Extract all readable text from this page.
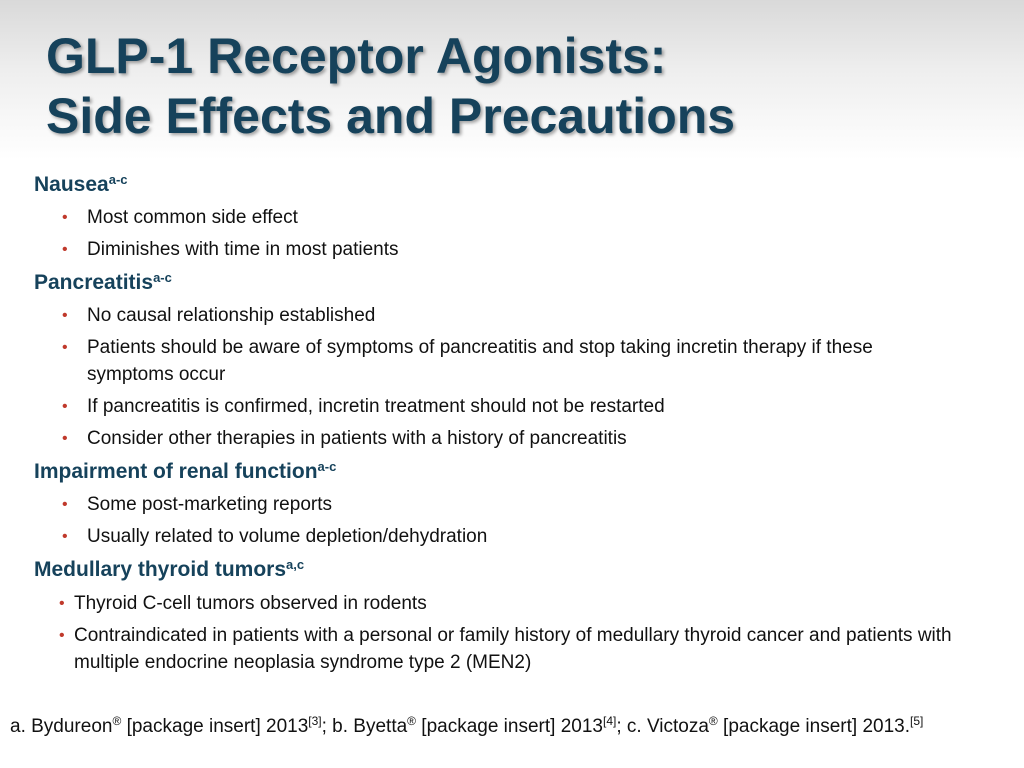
GLP-1 Receptor Agonists:
Side Effects and Precautions
Nausea$^{a-c}$
• Most common side effect
• Diminishes with time in most patients
Pancreatitis$^{a-c}$
• No causal relationship established
• Patients should be aware of symptoms of pancreatitis and stop taking incretin therapy if these symptoms occur
• If pancreatitis is confirmed, incretin treatment should not be restarted
• Consider other therapies in patients with a history of pancreatitis
Impairment of renal function$^{a-c}$
• Some post-marketing reports
• Usually related to volume depletion/dehydration
Medullary thyroid tumors$^{a,c}$
• Thyroid C-cell tumors observed in rodents
• Contraindicated in patients with a personal or family history of medullary thyroid cancer and patients with multiple endocrine neoplasia syndrome type 2 (MEN2)
a. Bydureon® [package insert] 2013[3]; b. Byetta® [package insert] 2013[4]; c. Victoza® [package insert] 2013.[5]
